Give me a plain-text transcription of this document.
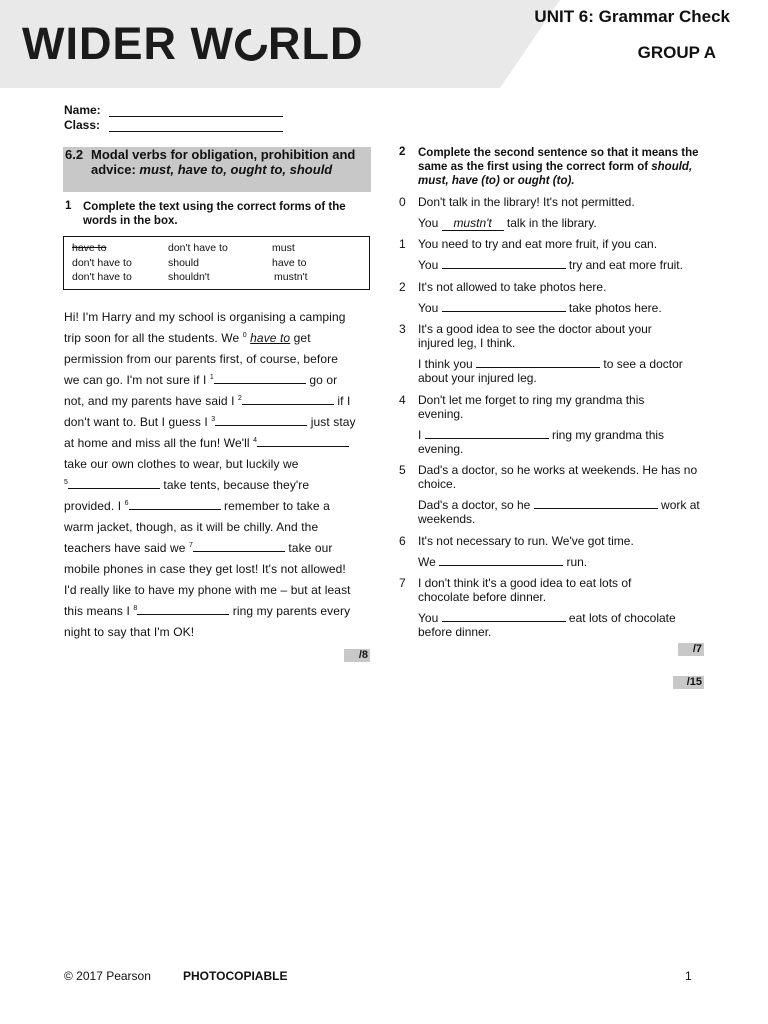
WIDER W RLD
UNIT 6: Grammar Check
GROUP A
Name:
Class:
6.2 Modal verbs for obligation, prohibition and advice: must, have to, ought to, should
1 Complete the text using the correct forms of the words in the box.
have to	don't have to	must
don't have to	should	have to
don't have to	shouldn't	mustn't
Hi! I'm Harry and my school is organising a camping
trip soon for all the students. We $^0$ have to get
permission from our parents first, of course, before
we can go. I'm not sure if I $^1$	go or
not, and my parents have said I $^2$	if I
don't want to. But I guess I $^3$	just stay
at home and miss all the fun! We'll $^4$
take our own clothes to wear, but luckily we
$^5$	take tents, because they're
provided. I $^6$	remember to take a
warm jacket, though, as it will be chilly. And the
teachers have said we $^7$	take our
mobile phones in case they get lost! It's not allowed!
I'd really like to have my phone with me – but at least
this means I $^8$	ring my parents every
night to say that I'm OK!
/8
2 Complete the second sentence so that it means the same as the first using the correct form of should, must, have (to) or ought (to).
0 Don't talk in the library! It's not permitted.
You mustn't talk in the library.
1 You need to try and eat more fruit, if you can.
You	try and eat more fruit.
2 It's not allowed to take photos here.
You	take photos here.
3 It's a good idea to see the doctor about your injured leg, I think.
I think you	to see a doctor about your injured leg.
4 Don't let me forget to ring my grandma this evening.
I	ring my grandma this evening.
5 Dad's a doctor, so he works at weekends. He has no choice.
Dad's a doctor, so he	work at weekends.
6 It's not necessary to run. We've got time.
We	run.
7 I don't think it's a good idea to eat lots of chocolate before dinner.
You	eat lots of chocolate before dinner.
/7
/15
© 2017 Pearson	PHOTOCOPIABLE	1
